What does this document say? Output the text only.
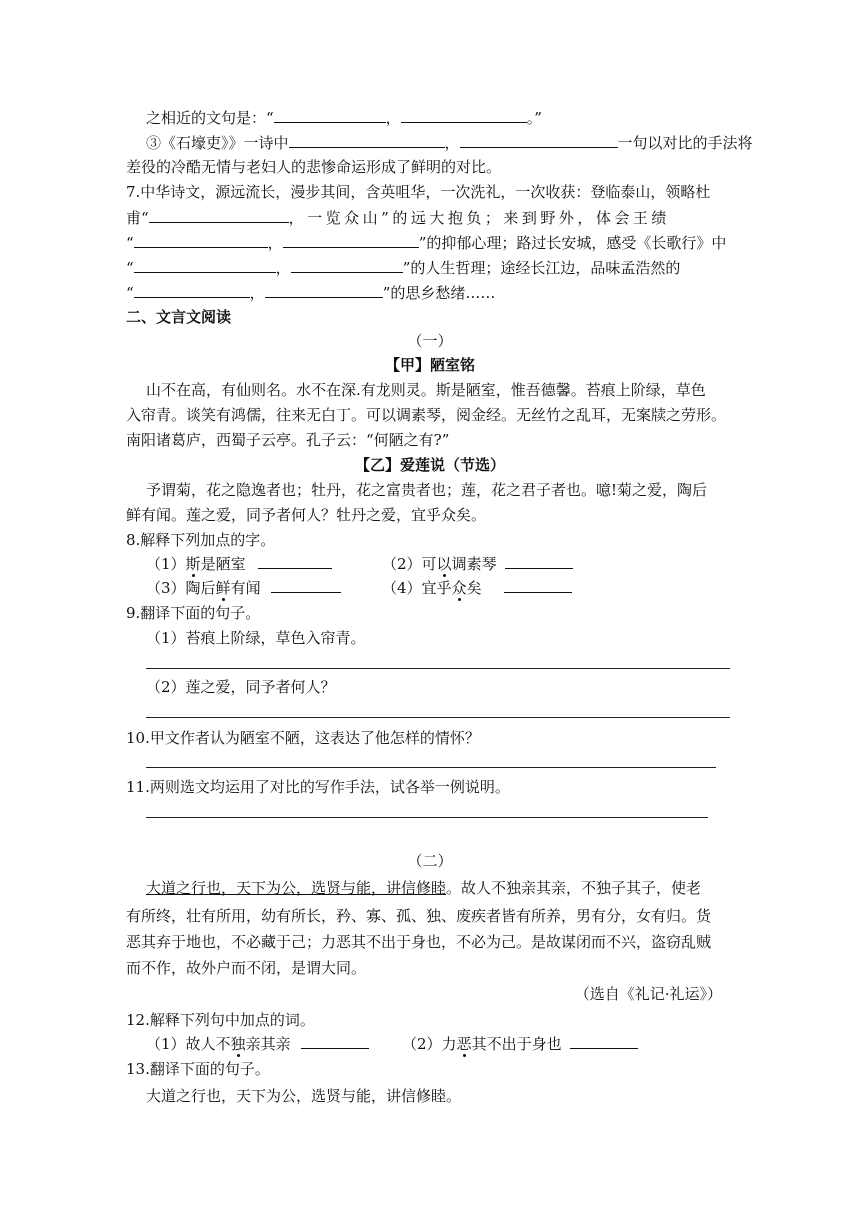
之相近的文句是：“	，	。”
③《石壕吏》》一诗中	，	一句以对比的手法将
差役的冷酷无情与老妇人的悲惨命运形成了鲜明的对比。
7.中华诗文，源远流长，漫步其间，含英咀华，一次洗礼，一次收获：登临泰山，领略杜
甫“	，一览众山”的远大抱负；来到野外，体会王绩
“	，	”的抑郁心理；路过长安城，感受《长歌行》中
“	，	”的人生哲理；途经长江边，品味孟浩然的
“	，	”的思乡愁绪……
二、文言文阅读
（一）
【甲】陋室铭
山不在高，有仙则名。水不在深.有龙则灵。斯是陋室，惟吾德馨。苔痕上阶绿，草色
入帘青。谈笑有鸿儒，往来无白丁。可以调素琴，阅金经。无丝竹之乱耳，无案牍之劳形。
南阳诸葛庐，西蜀子云亭。孔子云：“何陋之有?”
【乙】爱莲说（节选）
予谓菊，花之隐逸者也；牡丹，花之富贵者也；莲，花之君子者也。噫!菊之爱，陶后
鲜有闻。莲之爱，同予者何人？牡丹之爱，宜乎众矣。
8.解释下列加点的字。
（1）斯是陋室	（2）可以调素琴
（3）陶后鲜有闻	（4）宜乎众矣
9.翻译下面的句子。
（1）苔痕上阶绿，草色入帘青。
（2）莲之爱，同予者何人？
10.甲文作者认为陋室不陋，这表达了他怎样的情怀？
11.两则选文均运用了对比的写作手法，试各举一例说明。
（二）
大道之行也，天下为公，选贤与能，讲信修睦。故人不独亲其亲，不独子其子，使老
有所终，壮有所用，幼有所长，矜、寡、孤、独、废疾者皆有所养，男有分，女有归。货
恶其弃于地也，不必藏于己；力恶其不出于身也，不必为己。是故谋闭而不兴，盗窃乱贼
而不作，故外户而不闭，是谓大同。
（选自《礼记·礼运》）
12.解释下列句中加点的词。
（1）故人不独亲其亲	（2）力恶其不出于身也
13.翻译下面的句子。
大道之行也，天下为公，选贤与能，讲信修睦。
